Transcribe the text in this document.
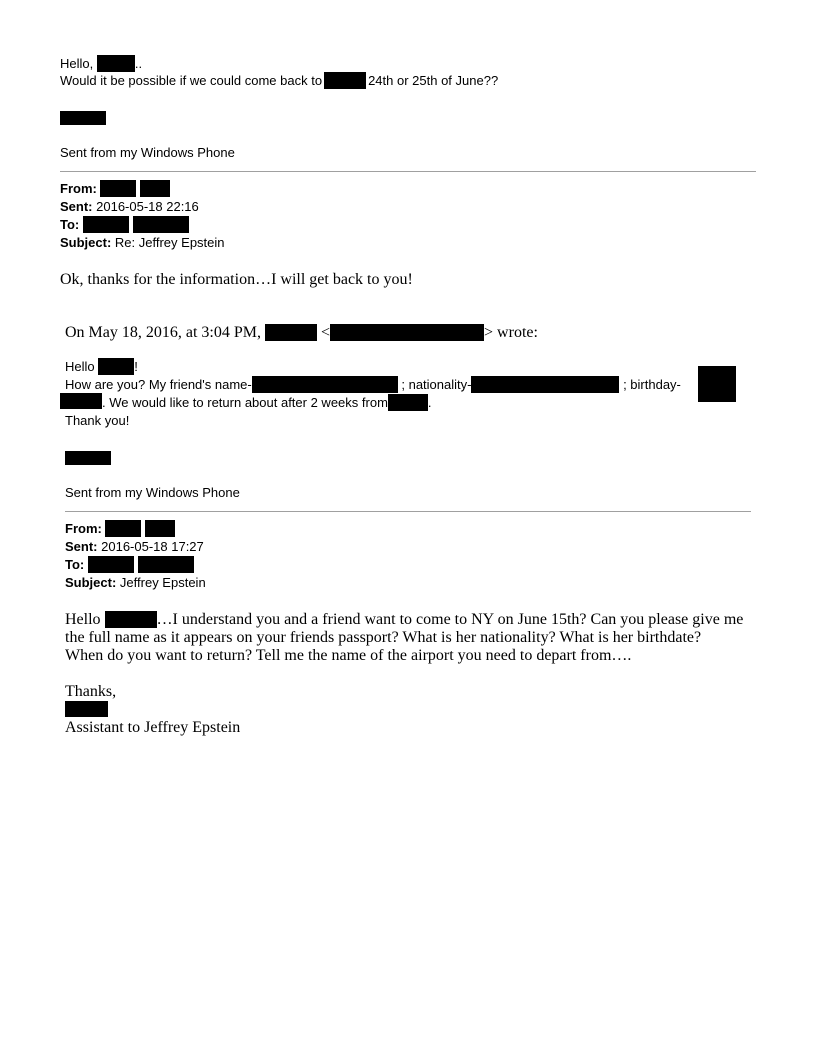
Hello,	..
Would it be possible if we could come back to	24th or 25th of June??
Sent from my Windows Phone
From:
Sent: 2016-05-18 22:16
To:
Subject: Re: Jeffrey Epstein
Ok, thanks for the information…I will get back to you!
On May 18, 2016, at 3:04 PM,	<	> wrote:
Hello	!
How are you? My friend's name-	; nationality-	; birthday-
. We would like to return about after 2 weeks from	.
Thank you!
Sent from my Windows Phone
From:
Sent: 2016-05-18 17:27
To:
Subject: Jeffrey Epstein
Hello	…I understand you and a friend want to come to NY on June 15th? Can you please give me
the full name as it appears on your friends passport? What is her nationality? What is her birthdate?
When do you want to return? Tell me the name of the airport you need to depart from….
Thanks,
Assistant to Jeffrey Epstein
